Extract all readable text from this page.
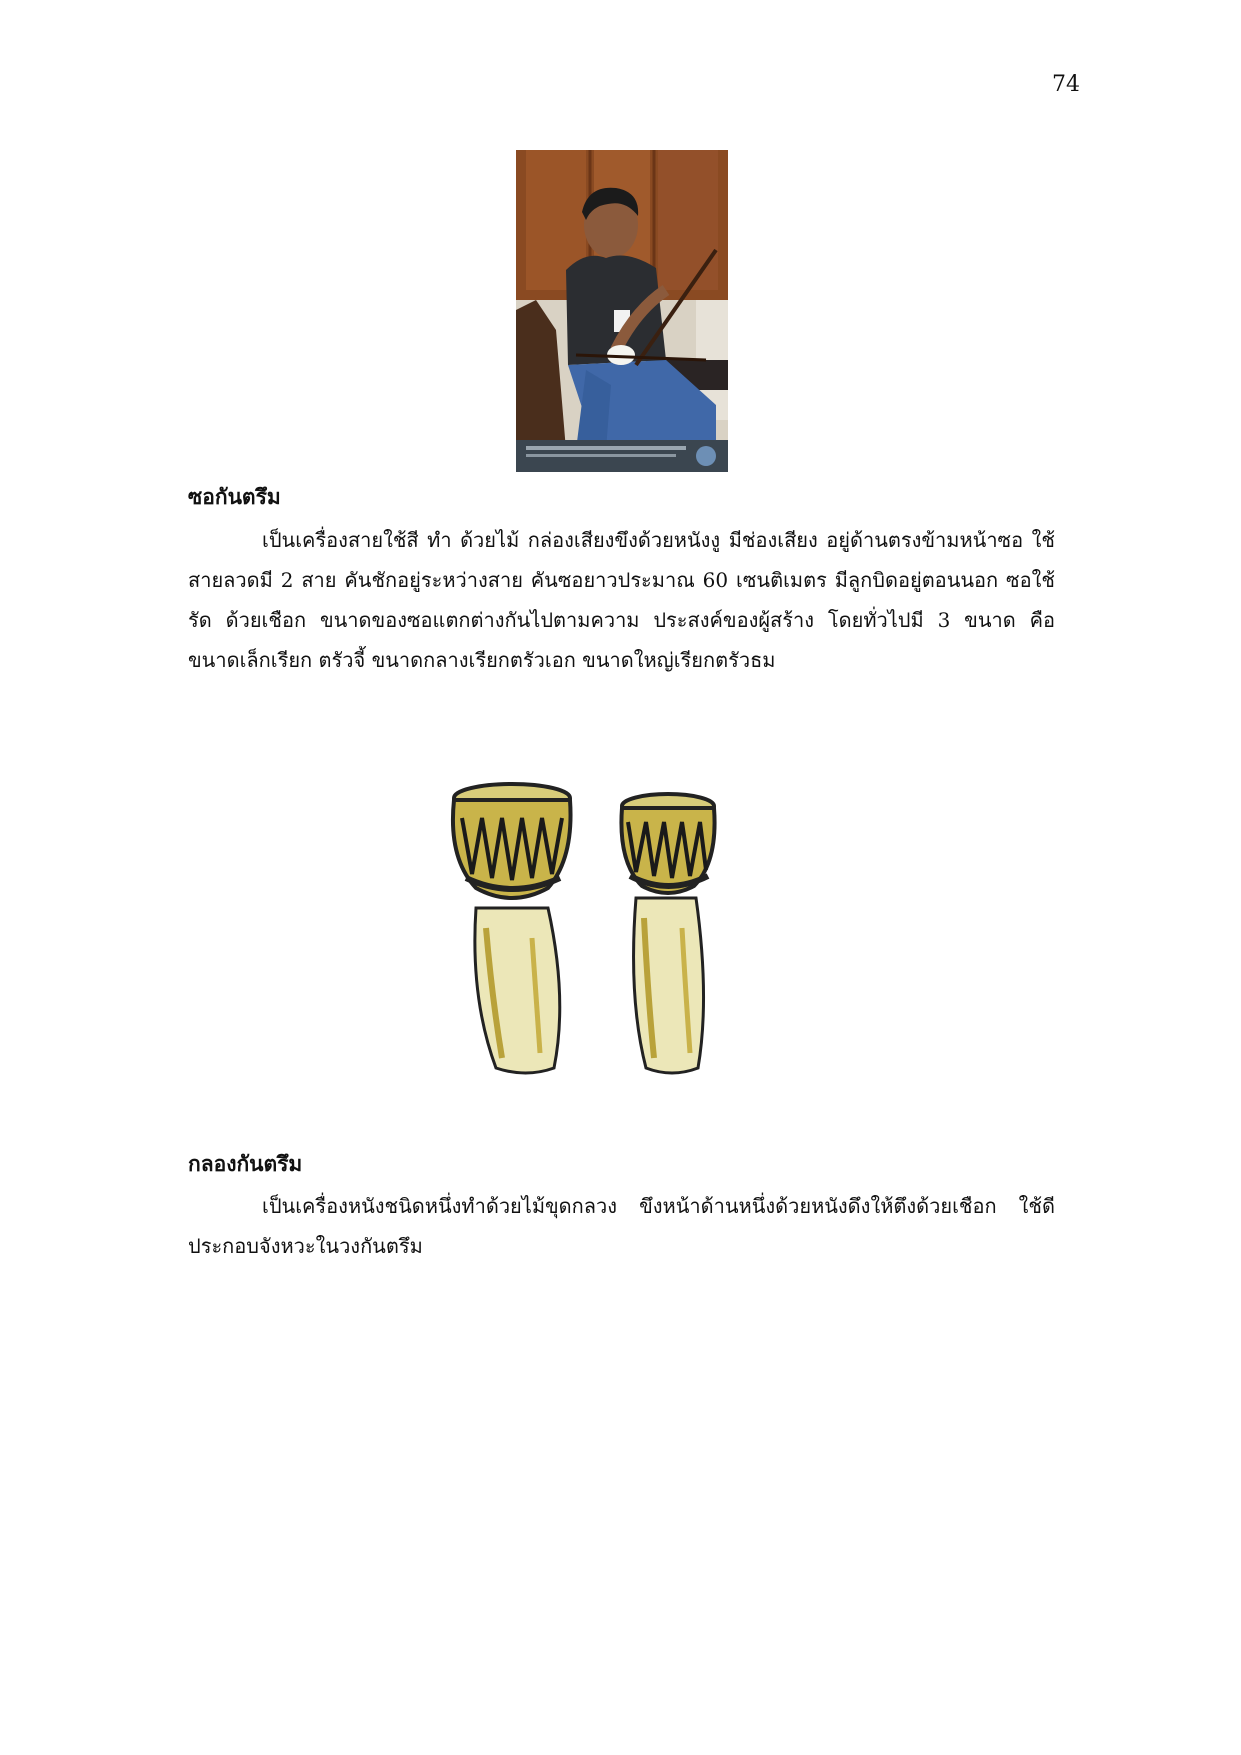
74
ซอกันตรึม

เป็นเครื่องสายใช้สี ทำ ด้วยไม้ กล่องเสียงขึงด้วยหนังงู มีช่องเสียง อยู่ด้านตรงข้ามหน้าซอ ใช้สายลวดมี 2 สาย คันชักอยู่ระหว่างสาย คันซอยาวประมาณ 60 เซนติเมตร มีลูกบิดอยู่ตอนนอก ซอใช้รัด ด้วยเชือก ขนาดของซอแตกต่างกันไปตามความ ประสงค์ของผู้สร้าง โดยทั่วไปมี 3 ขนาด คือ ขนาดเล็กเรียก ตรัวจี้ ขนาดกลางเรียกตรัวเอก ขนาดใหญ่เรียกตรัวธม

กลองกันตรึม

เป็นเครื่องหนังชนิดหนึ่งทำด้วยไม้ขุดกลวง ขึงหน้าด้านหนึ่งด้วยหนังดึงให้ตึงด้วยเชือก ใช้ดีประกอบจังหวะในวงกันตรึม
